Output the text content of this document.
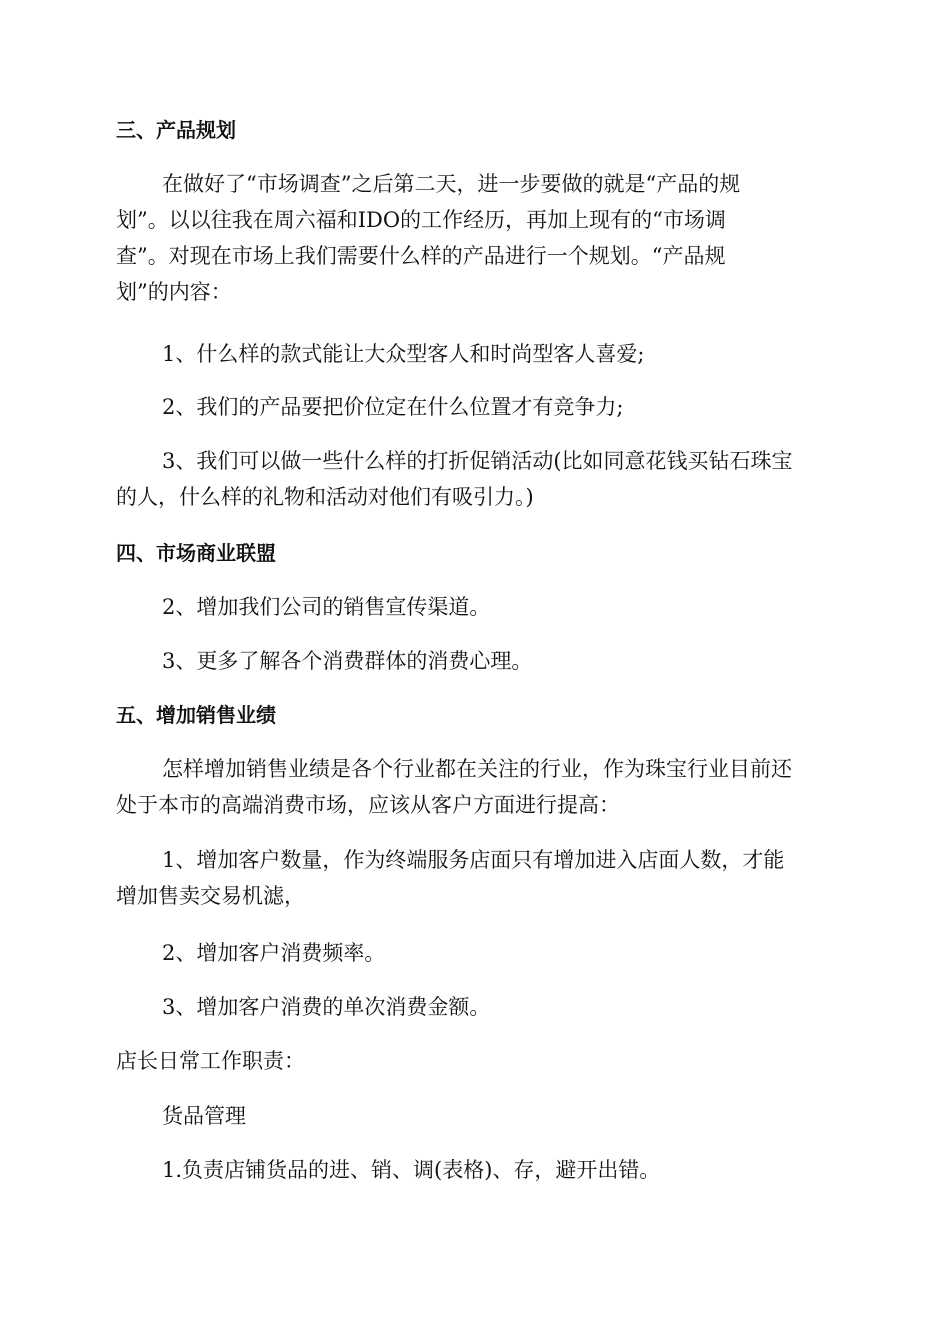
三、产品规划

在做好了“市场调查”之后第二天，进一步要做的就是“产品的规
划”。以以往我在周六福和IDO的工作经历，再加上现有的“市场调
查”。对现在市场上我们需要什么样的产品进行一个规划。“产品规
划”的内容：

1、什么样的款式能让大众型客人和时尚型客人喜爱;

2、我们的产品要把价位定在什么位置才有竞争力;

3、我们可以做一些什么样的打折促销活动(比如同意花钱买钻石珠宝
的人，什么样的礼物和活动对他们有吸引力。)

四、市场商业联盟

2、增加我们公司的销售宣传渠道。

3、更多了解各个消费群体的消费心理。

五、增加销售业绩

怎样增加销售业绩是各个行业都在关注的行业，作为珠宝行业目前还
处于本市的高端消费市场，应该从客户方面进行提高：

1、增加客户数量，作为终端服务店面只有增加进入店面人数，才能
增加售卖交易机滤，

2、增加客户消费频率。

3、增加客户消费的单次消费金额。

店长日常工作职责：

货品管理

1.负责店铺货品的进、销、调(表格)、存，避开出错。
